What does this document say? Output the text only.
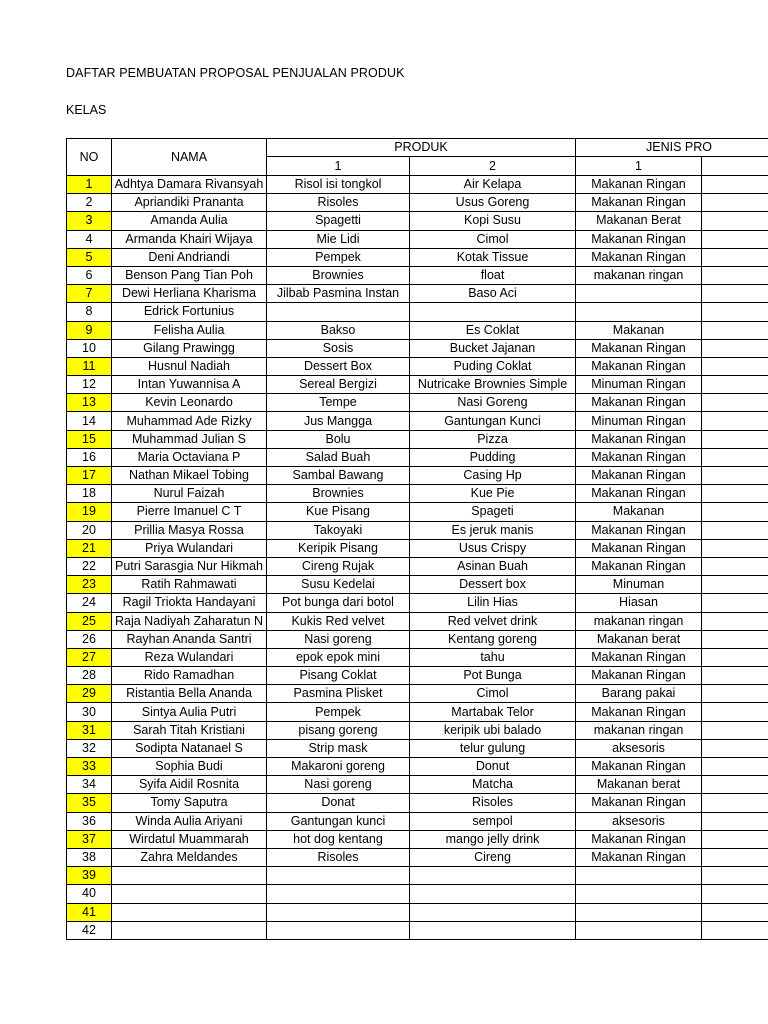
DAFTAR PEMBUATAN PROPOSAL PENJUALAN PRODUK
KELAS
NO	NAMA	PRODUK		JENIS PRO	
		1	2	1	
1	Adhtya Damara Rivansyah	Risol isi tongkol	Air Kelapa	Makanan Ringan	
2	Apriandiki Prananta	Risoles	Usus Goreng	Makanan Ringan	
3	Amanda Aulia	Spagetti	Kopi Susu	Makanan Berat	
4	Armanda Khairi Wijaya	Mie Lidi	Cimol	Makanan Ringan	
5	Deni Andriandi	Pempek	Kotak Tissue	Makanan Ringan	
6	Benson Pang Tian Poh	Brownies	float	makanan ringan	
7	Dewi Herliana Kharisma	Jilbab Pasmina Instan	Baso Aci		
8	Edrick Fortunius				
9	Felisha Aulia	Bakso	Es Coklat	Makanan	
10	Gilang Prawingg	Sosis	Bucket Jajanan	Makanan Ringan	
11	Husnul Nadiah	Dessert Box	Puding Coklat	Makanan Ringan	
12	Intan Yuwannisa A	Sereal Bergizi	Nutricake Brownies Simple	Minuman Ringan	
13	Kevin Leonardo	Tempe	Nasi Goreng	Makanan Ringan	
14	Muhammad Ade Rizky	Jus Mangga	Gantungan Kunci	Minuman Ringan	
15	Muhammad Julian S	Bolu	Pizza	Makanan Ringan	
16	Maria Octaviana P	Salad Buah	Pudding	Makanan Ringan	
17	Nathan Mikael Tobing	Sambal Bawang	Casing Hp	Makanan Ringan	
18	Nurul Faizah	Brownies	Kue Pie	Makanan Ringan	
19	Pierre Imanuel C T	Kue Pisang	Spageti	Makanan	
20	Prillia Masya Rossa	Takoyaki	Es jeruk manis	Makanan Ringan	
21	Priya Wulandari	Keripik Pisang	Usus Crispy	Makanan Ringan	
22	Putri Sarasgia Nur Hikmah	Cireng Rujak	Asinan Buah	Makanan Ringan	
23	Ratih Rahmawati	Susu Kedelai	Dessert box	Minuman	
24	Ragil Triokta Handayani	Pot bunga dari botol	Lilin Hias	Hiasan	
25	Raja Nadiyah Zaharatun N	Kukis Red velvet	Red velvet drink	makanan ringan	
26	Rayhan Ananda Santri	Nasi goreng	Kentang goreng	Makanan berat	
27	Reza Wulandari	epok epok mini	tahu	Makanan Ringan	
28	Rido Ramadhan	Pisang Coklat	Pot Bunga	Makanan Ringan	
29	Ristantia Bella Ananda	Pasmina Plisket	Cimol	Barang pakai	
30	Sintya Aulia Putri	Pempek	Martabak Telor	Makanan Ringan	
31	Sarah Titah Kristiani	pisang goreng	keripik ubi balado	makanan ringan	
32	Sodipta Natanael S	Strip mask	telur gulung	aksesoris	
33	Sophia Budi	Makaroni goreng	Donut	Makanan Ringan	
34	Syifa Aidil Rosnita	Nasi goreng	Matcha	Makanan berat	
35	Tomy Saputra	Donat	Risoles	Makanan Ringan	
36	Winda Aulia Ariyani	Gantungan kunci	sempol	aksesoris	
37	Wirdatul Muammarah	hot dog kentang	mango jelly drink	Makanan Ringan	
38	Zahra Meldandes	Risoles	Cireng	Makanan Ringan	
39					
40					
41					
42					
